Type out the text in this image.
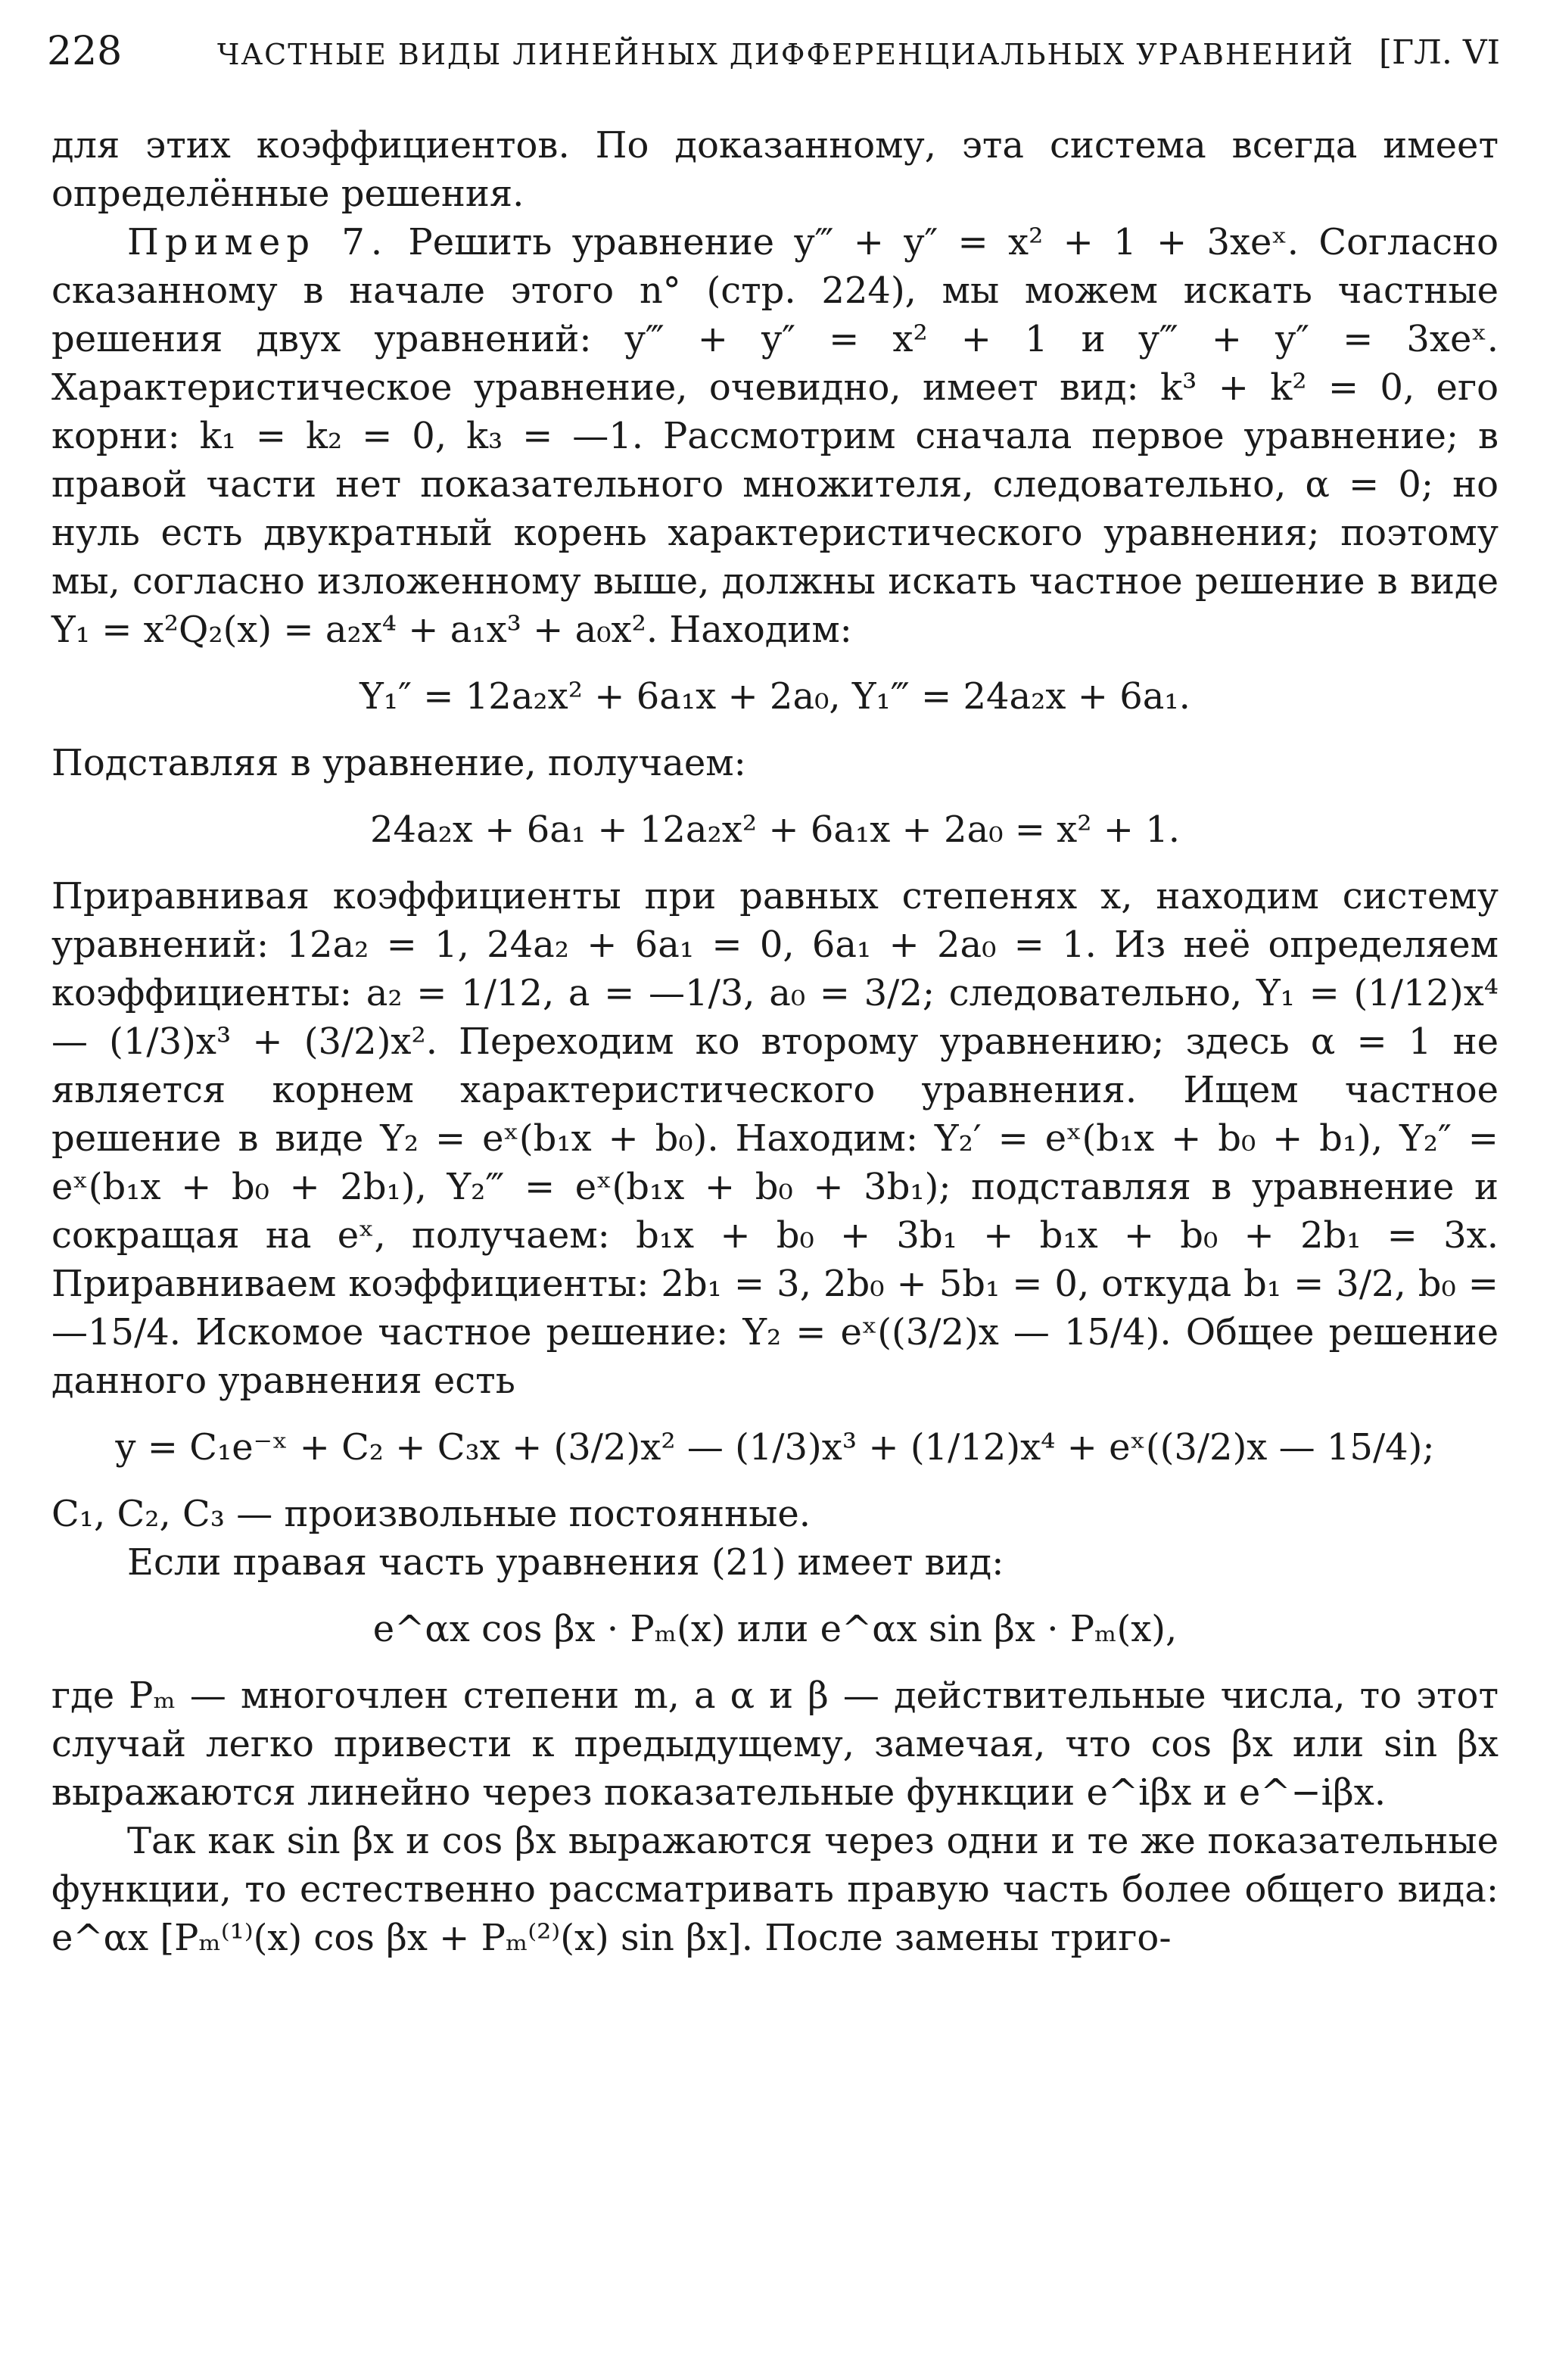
228	ЧАСТНЫЕ ВИДЫ ЛИНЕЙНЫХ ДИФФЕРЕНЦИАЛЬНЫХ УРАВНЕНИЙ [ГЛ. VI

для этих коэффициентов. По доказанному, эта система всегда имеет определённые решения.

Пример 7. Решить уравнение y‴ + y″ = x² + 1 + 3xeˣ. Согласно сказанному в начале этого n° (стр. 224), мы можем искать частные решения двух уравнений: y‴ + y″ = x² + 1 и y‴ + y″ = 3xeˣ. Характеристическое уравнение, очевидно, имеет вид: k³ + k² = 0, его корни: k₁ = k₂ = 0, k₃ = —1. Рассмотрим сначала первое уравнение; в правой части нет показательного множителя, следовательно, α = 0; но нуль есть двукратный корень характеристического уравнения; поэтому мы, согласно изложенному выше, должны искать частное решение в виде Y₁ = x²Q₂(x) = a₂x⁴ + a₁x³ + a₀x². Находим:

Y₁″ = 12a₂x² + 6a₁x + 2a₀, Y₁‴ = 24a₂x + 6a₁.

Подставляя в уравнение, получаем:

24a₂x + 6a₁ + 12a₂x² + 6a₁x + 2a₀ = x² + 1.

Приравнивая коэффициенты при равных степенях x, находим систему уравнений: 12a₂ = 1, 24a₂ + 6a₁ = 0, 6a₁ + 2a₀ = 1. Из неё определяем коэффициенты: a₂ = 1/12, a = —1/3, a₀ = 3/2; следовательно, Y₁ = (1/12)x⁴ — (1/3)x³ + (3/2)x². Переходим ко второму уравнению; здесь α = 1 не является корнем характеристического уравнения. Ищем частное решение в виде Y₂ = eˣ(b₁x + b₀). Находим: Y₂′ = eˣ(b₁x + b₀ + b₁), Y₂″ = eˣ(b₁x + b₀ + 2b₁), Y₂‴ = eˣ(b₁x + b₀ + 3b₁); подставляя в уравнение и сокращая на eˣ, получаем: b₁x + b₀ + 3b₁ + b₁x + b₀ + 2b₁ = 3x. Приравниваем коэффициенты: 2b₁ = 3, 2b₀ + 5b₁ = 0, откуда b₁ = 3/2, b₀ = —15/4. Искомое частное решение: Y₂ = eˣ((3/2)x — 15/4). Общее решение данного уравнения есть

y = C₁e⁻ˣ + C₂ + C₃x + (3/2)x² — (1/3)x³ + (1/12)x⁴ + eˣ((3/2)x — 15/4);

C₁, C₂, C₃ — произвольные постоянные.

Если правая часть уравнения (21) имеет вид:

e^αx cos βx · Pₘ(x) или e^αx sin βx · Pₘ(x),

где Pₘ — многочлен степени m, а α и β — действительные числа, то этот случай легко привести к предыдущему, замечая, что cos βx или sin βx выражаются линейно через показательные функции e^iβx и e^−iβx.

Так как sin βx и cos βx выражаются через одни и те же показательные функции, то естественно рассматривать правую часть более общего вида: e^αx [Pₘ⁽¹⁾(x) cos βx + Pₘ⁽²⁾(x) sin βx]. После замены триго-
